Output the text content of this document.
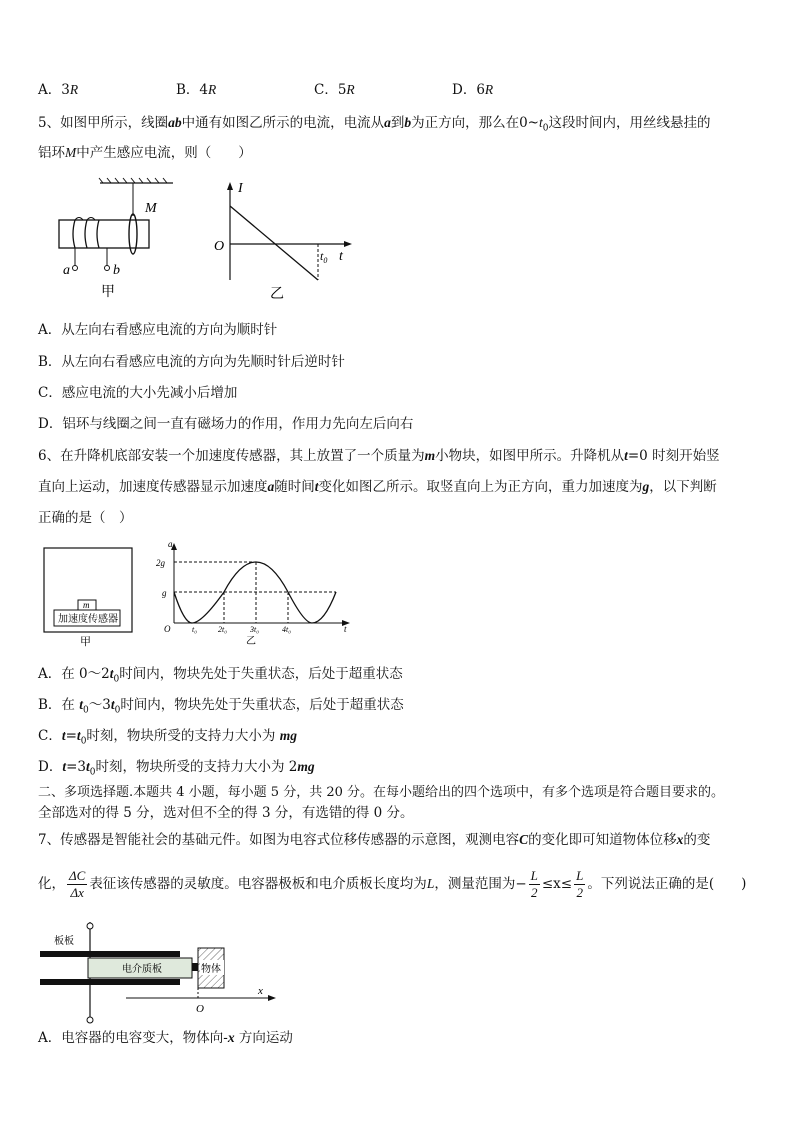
A．3R	B．4R	C．5R	D．6R
5、如图甲所示，线圈ab中通有如图乙所示的电流，电流从a到b为正方向，那么在$0\sim t_0$这段时间内，用丝线悬挂的
铝环M中产生感应电流，则（　　）
M
a	b
甲
I
O
$t_0$ t
乙
A．从左向右看感应电流的方向为顺时针
B．从左向右看感应电流的方向为先顺时针后逆时针
C．感应电流的大小先减小后增加
D．铝环与线圈之间一直有磁场力的作用，作用力先向左后向右
6、在升降机底部安装一个加速度传感器，其上放置了一个质量为m小物块，如图甲所示。升降机从t=0 时刻开始竖
直向上运动，加速度传感器显示加速度a随时间t变化如图乙所示。取竖直向上为正方向，重力加速度为g，以下判断
正确的是（　）
m
加速度传感器
甲
a
2g
g
O	t₀	2t₀	3t₀	4t₀	t
乙
A．在 $0\sim 2t_0$时间内，物块先处于失重状态，后处于超重状态
B．在 $t_0\sim 3t_0$时间内，物块先处于失重状态，后处于超重状态
C．$t=t_0$时刻，物块所受的支持力大小为 mg
D．$t=3t_0$时刻，物块所受的支持力大小为 2mg
二、多项选择题.本题共 4 小题，每小题 5 分，共 20 分。在每小题给出的四个选项中，有多个选项是符合题目要求的。
全部选对的得 5 分，选对但不全的得 3 分，有选错的得 0 分。
7、传感器是智能社会的基础元件。如图为电容式位移传感器的示意图，观测电容C的变化即可知道物体位移x的变
化， $\frac{\Delta C}{\Delta x}$ 表征该传感器的灵敏度。电容器极板和电介质板长度均为L，测量范围为− $\frac{L}{2} \le x\le \frac{L}{2}$ 。下列说法正确的是(　　)
板板
电介质板	物体
O
x
A．电容器的电容变大，物体向-x 方向运动
